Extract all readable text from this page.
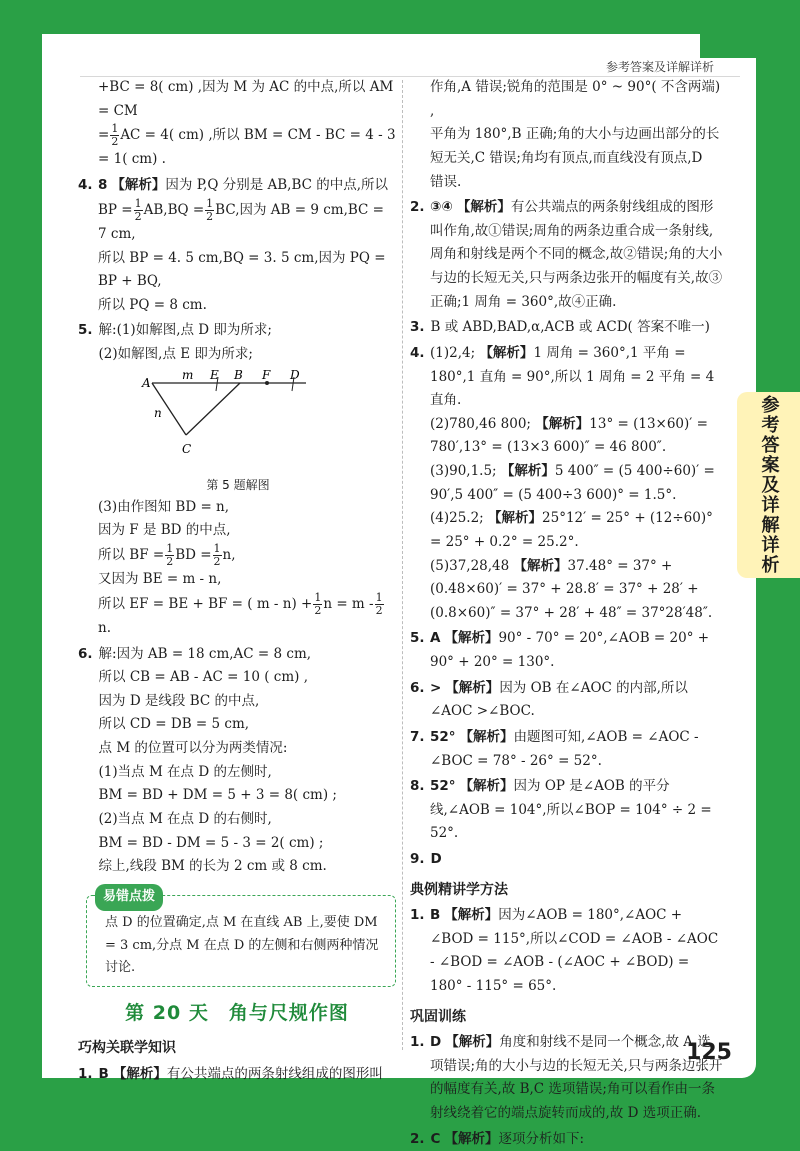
参考答案及详解详析
参考答案及详解详析

+BC = 8( cm) ,因为 M 为 AC 的中点,所以 AM = CM

= $\frac{1}{2}$ AC = 4( cm) ,所以 BM = CM - BC = 4 - 3 = 1( cm) .

4. 8 【解析】因为 P,Q 分别是 AB,BC 的中点,所以

BP = $\frac{1}{2} AB,BQ = \frac{1}{2}$ BC,因为 AB = 9 cm,BC = 7 cm,

所以 BP = 4. 5 cm,BQ = 3. 5 cm,因为 PQ = BP + BQ,

所以 PQ = 8 cm.

5. 解:(1)如解图,点 D 即为所求;

(2)如解图,点 E 即为所求;

A
m E B F D
n
C
第 5 题解图

(3)由作图知 BD = n,

因为 F 是 BD 的中点,

所以 BF = $\frac{1}{2}$ BD = $\frac{1}{2} n$,

又因为 BE = m - n,

所以 EF = BE + BF = ( $m - n) + \frac{1}{2}$ $n = m - \frac{1}{2}$
n.

6. 解:因为 AB = 18 cm,AC = 8 cm,

所以 CB = AB - AC = 10 ( cm) ,

因为 D 是线段 BC 的中点,

所以 CD = DB = 5 cm,

点 M 的位置可以分为两类情况:

(1)当点 M 在点 D 的左侧时,

BM = BD + DM = 5 + 3 = 8( cm) ;

(2)当点 M 在点 D 的右侧时,

BM = BD - DM = 5 - 3 = 2( cm) ;

综上,线段 BM 的长为 2 cm 或 8 cm.

易错点拨

点 D 的位置确定,点 M 在直线 AB 上,要使 DM = 3 cm,分点 M 在点 D 的左侧和右侧两种情况讨论.

第 20 天　角与尺规作图
巧构关联学知识
1. B 【解析】有公共端点的两条射线组成的图形叫

作角,A 错误;锐角的范围是 0° ~ 90°( 不含两端) ,

平角为 180°,B 正确;角的大小与边画出部分的长

短无关,C 错误;角均有顶点,而直线没有顶点,D

错误.

2. ③④ 【解析】有公共端点的两条射线组成的图形叫作角,故①错误;周角的两条边重合成一条射线,周角和射线是两个不同的概念,故②错误;角的大小与边的长短无关,只与两条边张开的幅度有关,故③正确;1 周角 = 360°,故④正确.

3. B 或 ABD,BAD,α,ACB 或 ACD( 答案不唯一)

4. (1)2,4; 【解析】1 周角 = 360°,1 平角 = 180°,1 直角 = 90°,所以 1 周角 = 2 平角 = 4 直角.

(2)780,46 800; 【解析】13° = (13×60)′ = 780′,13° = (13×3 600)″ = 46 800″.

(3)90,1.5; 【解析】5 400″ = (5 400÷60)′ = 90′,5 400″ = (5 400÷3 600)° = 1.5°.

(4)25.2; 【解析】25°12′ = 25° + (12÷60)° = 25° + 0.2° = 25.2°.

(5)37,28,48 【解析】37.48° = 37° + (0.48×60)′ = 37° + 28.8′ = 37° + 28′ + (0.8×60)″ = 37° + 28′ + 48″ = 37°28′48″.

5. A 【解析】90° - 70° = 20°,∠AOB = 20° + 90° + 20° = 130°.

6. > 【解析】因为 OB 在∠AOC 的内部,所以∠AOC >∠BOC.

7. 52° 【解析】由题图可知,∠AOB = ∠AOC - ∠BOC = 78° - 26° = 52°.

8. 52° 【解析】因为 OP 是∠AOB 的平分线,∠AOB = 104°,所以∠BOP = 104° ÷ 2 = 52°.

9. D

典例精讲学方法
1. B 【解析】因为∠AOB = 180°,∠AOC + ∠BOD = 115°,所以∠COD = ∠AOB - ∠AOC - ∠BOD = ∠AOB - (∠AOC + ∠BOD) = 180° - 115° = 65°.

巩固训练
1. D 【解析】角度和射线不是同一个概念,故 A 选项错误;角的大小与边的长短无关,只与两条边张开的幅度有关,故 B,C 选项错误;角可以看作由一条射线绕着它的端点旋转而成的,故 D 选项正确.

2. C 【解析】逐项分析如下:

125
